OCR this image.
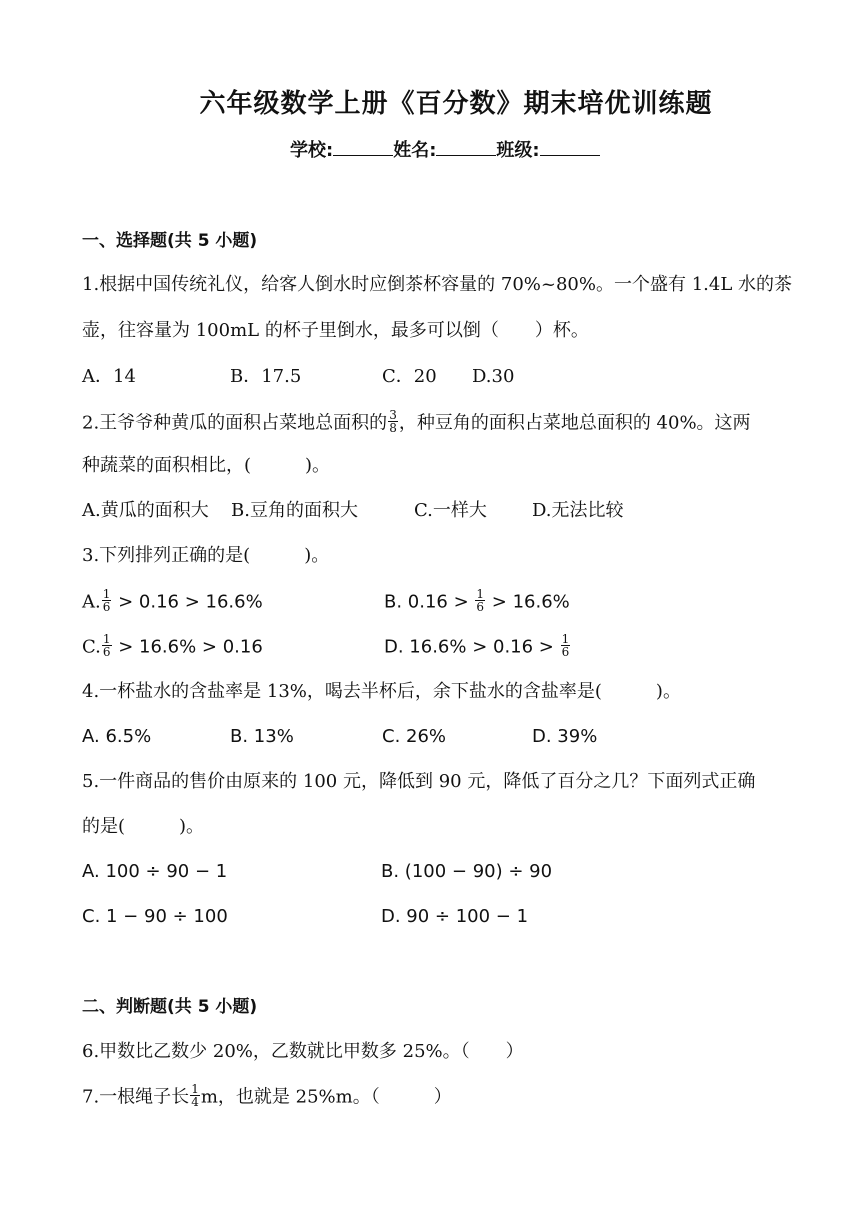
六年级数学上册《百分数》期末培优训练题
学校:	姓名:	班级:
一、选择题(共 5 小题)
1.根据中国传统礼仪，给客人倒水时应倒茶杯容量的 70%~80%。一个盛有 1.4L 水的茶
壶，往容量为 100mL 的杯子里倒水，最多可以倒（　　）杯。
A．14	B．17.5	C．20 D.30
2.王爷爷种黄瓜的面积占菜地总面积的 $\frac{3}{8}$ ，种豆角的面积占菜地总面积的 40%。这两
种蔬菜的面积相比，(　　　)。
A.黄瓜的面积大 B.豆角的面积大	C.一样大	D.无法比较
3.下列排列正确的是(　　　)。
A. $\frac{1}{6} > 0.16 > 16.6\%$	B. $0.16 > \frac{1}{6} > 16.6\%$
C. $\frac{1}{6} > 16.6\% > 0.16$	D. $16.6\% > 0.16 > \frac{1}{6}$
4.一杯盐水的含盐率是 13%，喝去半杯后，余下盐水的含盐率是(　　　)。
A. 6.5%	B. 13%	C. 26%	D. 39%
5.一件商品的售价由原来的 100 元，降低到 90 元，降低了百分之几？下面列式正确
的是(　　　)。
A. 100 ÷ 90 − 1	B. (100 − 90) ÷ 90
C. 1 − 90 ÷ 100	D. 90 ÷ 100 − 1
二、判断题(共 5 小题)
6.甲数比乙数少 20%，乙数就比甲数多 25%。（　　）
7.一根绳子长 $\frac{1}{4}$ m，也就是 25%m。（　　　）
